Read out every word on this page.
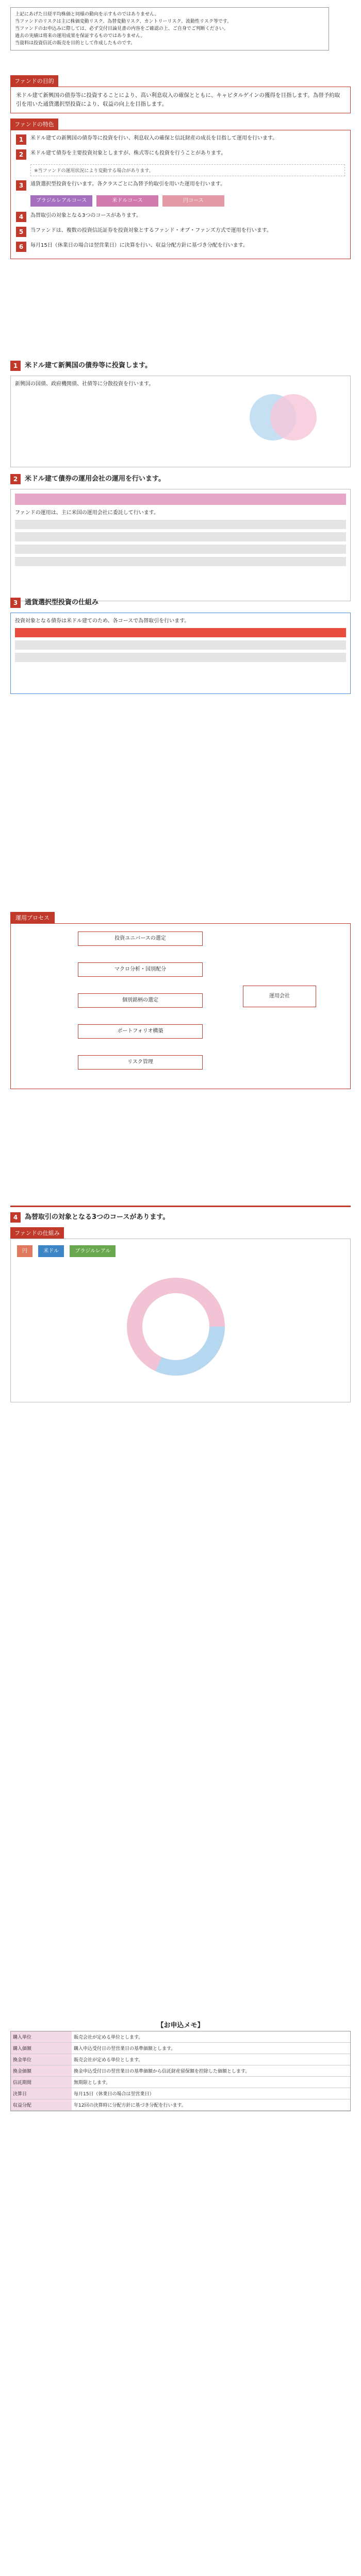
上記にあげた日経平均株価と同様の動向を示すものではありません。

当ファンドのリスクは主に株価変動リスク、為替変動リスク、カントリーリスク、流動性リスク等です。

当ファンドのお申込みに際しては、必ず交付目論見書の内容をご確認の上、ご自身でご判断ください。

過去の実績は将来の運用成果を保証するものではありません。

当資料は投資信託の販売を目的として作成したものです。

ファンドの目的
米ドル建て新興国の債券等に投資することにより、高い利息収入の確保とともに、キャピタルゲインの獲得を目指します。為替予約取引を用いた通貨選択型投資により、収益の向上を目指します。
ファンドの特色
1	米ドル建ての新興国の債券等に投資を行い、利息収入の確保と信託財産の成長を目指して運用を行います。
2	米ドル建て債券を主要投資対象としますが、株式等にも投資を行うことがあります。
※当ファンドの運用状況により変動する場合があります。
3	通貨選択型投資を行います。各クラスごとに為替予約取引を用いた運用を行います。
ブラジルレアルコース	米ドルコース	円コース
4	為替取引の対象となる3つのコースがあります。
5	当ファンドは、複数の投資信託証券を投資対象とするファンド・オブ・ファンズ方式で運用を行います。
6	毎月15日（休業日の場合は翌営業日）に決算を行い、収益分配方針に基づき分配を行います。
1	米ドル建て新興国の債券等に投資します。
新興国の国債、政府機関債、社債等に分散投資を行います。
2	米ドル建て債券の運用会社の運用を行います。
ファンドの運用は、主に米国の運用会社に委託して行います。
3	通貨選択型投資の仕組み
投資対象となる債券は米ドル建てのため、各コースで為替取引を行います。
運用プロセス
投資ユニバースの選定
マクロ分析・国別配分
個別銘柄の選定
ポートフォリオ構築
リスク管理
運用会社
4	為替取引の対象となる3つのコースがあります。
ファンドの仕組み
円	米ドル	ブラジルレアル
【お申込メモ】
購入単位	販売会社が定める単位とします。
購入価額	購入申込受付日の翌営業日の基準価額とします。
換金単位	販売会社が定める単位とします。
換金価額	換金申込受付日の翌営業日の基準価額から信託財産留保額を控除した価額とします。
信託期間	無期限とします。
決算日	毎月15日（休業日の場合は翌営業日）
収益分配	年12回の決算時に分配方針に基づき分配を行います。
